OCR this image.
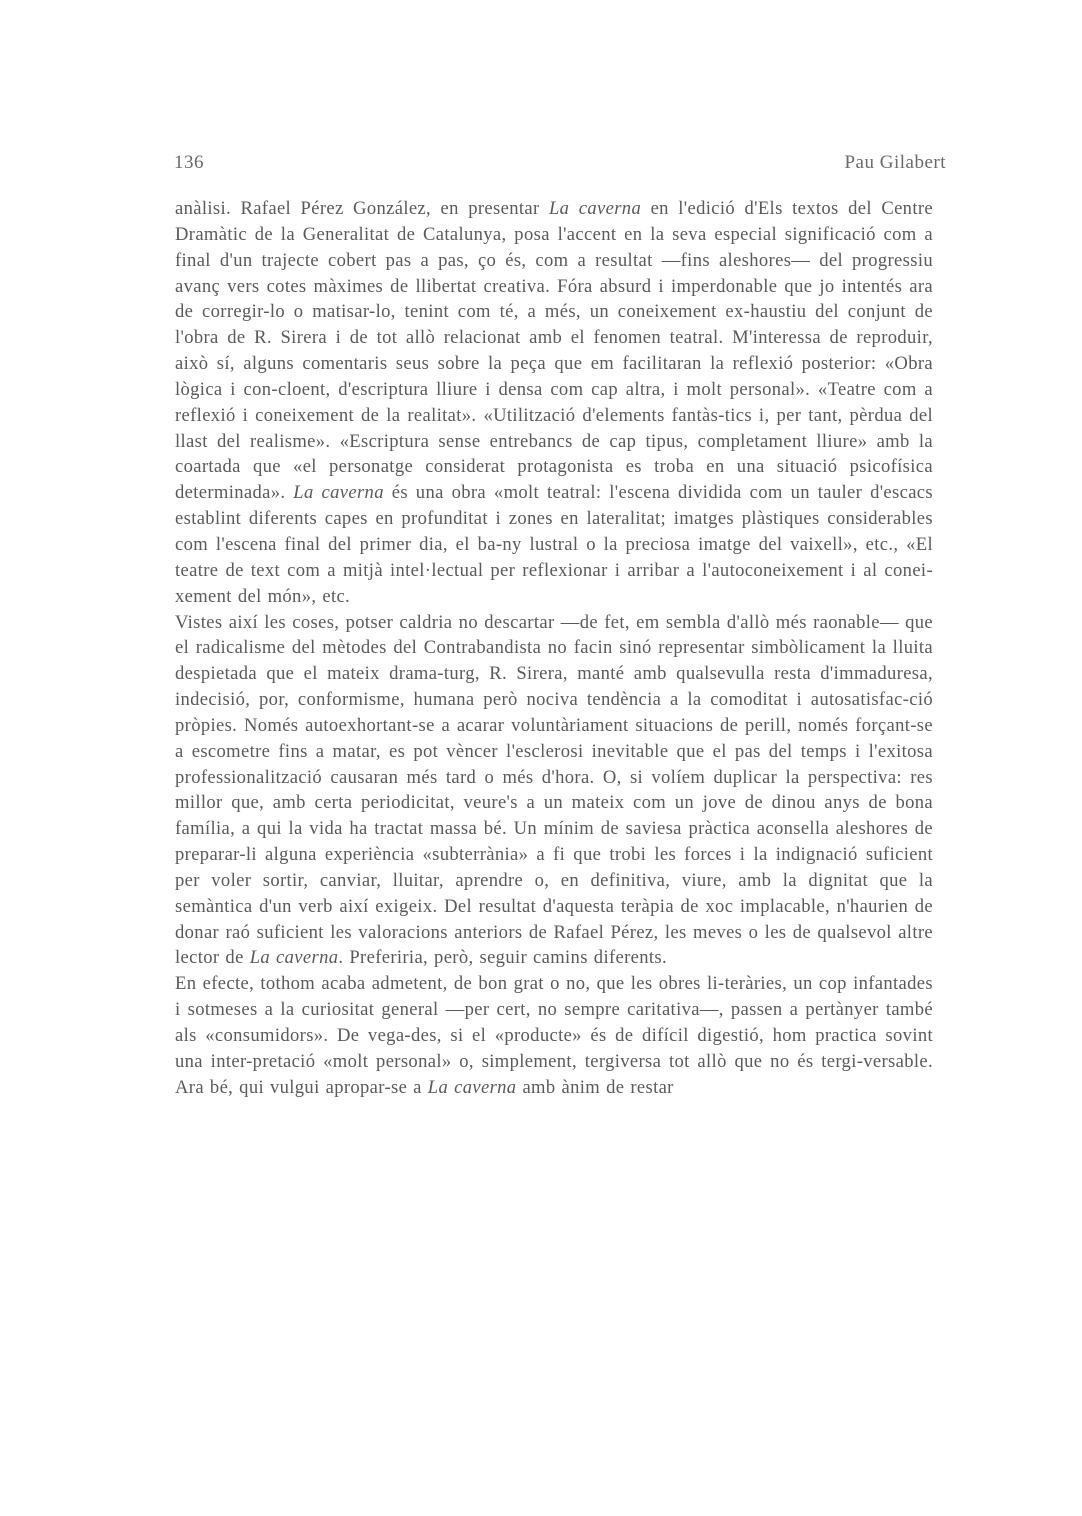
136	Pau Gilabert

anàlisi. Rafael Pérez González, en presentar La caverna en l'edició d'Els textos del Centre Dramàtic de la Generalitat de Catalunya, posa l'accent en la seva especial significació com a final d'un trajecte cobert pas a pas, ço és, com a resultat —fins aleshores— del progressiu avanç vers cotes màximes de llibertat creativa. Fóra absurd i imperdonable que jo intentés ara de corregir-lo o matisar-lo, tenint com té, a més, un coneixement ex-haustiu del conjunt de l'obra de R. Sirera i de tot allò relacionat amb el fenomen teatral. M'interessa de reproduir, això sí, alguns comentaris seus sobre la peça que em facilitaran la reflexió posterior: «Obra lògica i con-cloent, d'escriptura lliure i densa com cap altra, i molt personal». «Teatre com a reflexió i coneixement de la realitat». «Utilització d'elements fantàs-tics i, per tant, pèrdua del llast del realisme». «Escriptura sense entrebancs de cap tipus, completament lliure» amb la coartada que «el personatge considerat protagonista es troba en una situació psicofísica determinada». La caverna és una obra «molt teatral: l'escena dividida com un tauler d'escacs establint diferents capes en profunditat i zones en lateralitat; imatges plàstiques considerables com l'escena final del primer dia, el ba-ny lustral o la preciosa imatge del vaixell», etc., «El teatre de text com a mitjà intel·lectual per reflexionar i arribar a l'autoconeixement i al conei-xement del món», etc.

Vistes així les coses, potser caldria no descartar —de fet, em sembla d'allò més raonable— que el radicalisme del mètodes del Contrabandista no facin sinó representar simbòlicament la lluita despietada que el mateix drama-turg, R. Sirera, manté amb qualsevulla resta d'immaduresa, indecisió, por, conformisme, humana però nociva tendència a la comoditat i autosatisfac-ció pròpies. Només autoexhortant-se a acarar voluntàriament situacions de perill, només forçant-se a escometre fins a matar, es pot vèncer l'esclerosi inevitable que el pas del temps i l'exitosa professionalització causaran més tard o més d'hora. O, si volíem duplicar la perspectiva: res millor que, amb certa periodicitat, veure's a un mateix com un jove de dinou anys de bona família, a qui la vida ha tractat massa bé. Un mínim de saviesa pràctica aconsella aleshores de preparar-li alguna experiència «subterrània» a fi que trobi les forces i la indignació suficient per voler sortir, canviar, lluitar, aprendre o, en definitiva, viure, amb la dignitat que la semàntica d'un verb així exigeix. Del resultat d'aquesta teràpia de xoc implacable, n'haurien de donar raó suficient les valoracions anteriors de Rafael Pérez, les meves o les de qualsevol altre lector de La caverna. Preferiria, però, seguir camins diferents.

En efecte, tothom acaba admetent, de bon grat o no, que les obres li-teràries, un cop infantades i sotmeses a la curiositat general —per cert, no sempre caritativa—, passen a pertànyer també als «consumidors». De vega-des, si el «producte» és de difícil digestió, hom practica sovint una inter-pretació «molt personal» o, simplement, tergiversa tot allò que no és tergi-versable. Ara bé, qui vulgui apropar-se a La caverna amb ànim de restar
